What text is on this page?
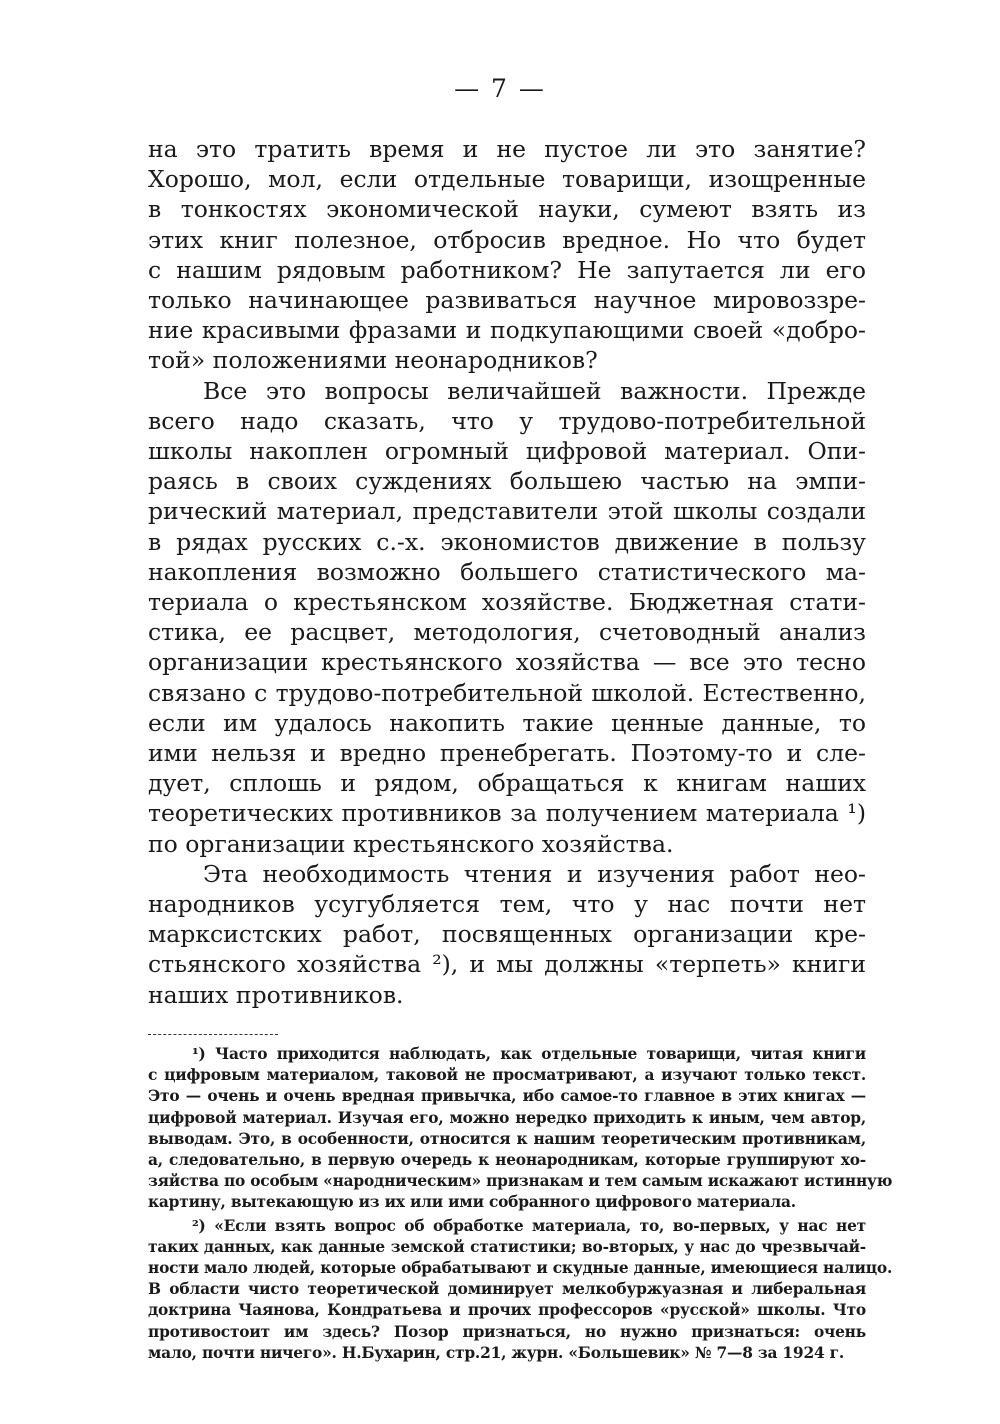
— 7 —
на это тратить время и не пустое ли это занятие?
Хорошо, мол, если отдельные товарищи, изощренные
в тонкостях экономической науки, сумеют взять из
этих книг полезное, отбросив вредное. Но что будет
с нашим рядовым работником? Не запутается ли его
только начинающее развиваться научное мировоззре-
ние красивыми фразами и подкупающими своей «добро-
той» положениями неонародников?
Все это вопросы величайшей важности. Прежде
всего надо сказать, что у трудово-потребительной
школы накоплен огромный цифровой материал. Опи-
раясь в своих суждениях большею частью на эмпи-
рический материал, представители этой школы создали
в рядах русских с.-х. экономистов движение в пользу
накопления возможно большего статистического ма-
териала о крестьянском хозяйстве. Бюджетная стати-
стика, ее расцвет, методология, счетоводный анализ
организации крестьянского хозяйства — все это тесно
связано с трудово-потребительной школой. Естественно,
если им удалось накопить такие ценные данные, то
ими нельзя и вредно пренебрегать. Поэтому-то и сле-
дует, сплошь и рядом, обращаться к книгам наших
теоретических противников за получением материала ¹)
по организации крестьянского хозяйства.
Эта необходимость чтения и изучения работ нео-
народников усугубляется тем, что у нас почти нет
марксистских работ, посвященных организации кре-
стьянского хозяйства ²), и мы должны «терпеть» книги
наших противников.
¹) Часто приходится наблюдать, как отдельные товарищи, читая книги
с цифровым материалом, таковой не просматривают, а изучают только текст.
Это — очень и очень вредная привычка, ибо самое-то главное в этих книгах —
цифровой материал. Изучая его, можно нередко приходить к иным, чем автор,
выводам. Это, в особенности, относится к нашим теоретическим противникам,
а, следовательно, в первую очередь к неонародникам, которые группируют хо-
зяйства по особым «народническим» признакам и тем самым искажают истинную
картину, вытекающую из их или ими собранного цифрового материала.
²) «Если взять вопрос об обработке материала, то, во-первых, у нас нет
таких данных, как данные земской статистики; во-вторых, у нас до чрезвычай-
ности мало людей, которые обрабатывают и скудные данные, имеющиеся налицо.
В области чисто теоретической доминирует мелкобуржуазная и либеральная
доктрина Чаянова, Кондратьева и прочих профессоров «русской» школы. Что
противостоит им здесь? Позор признаться, но нужно признаться: очень
мало, почти ничего». Н.Бухарин, стр.21, журн. «Большевик» № 7—8 за 1924 г.
